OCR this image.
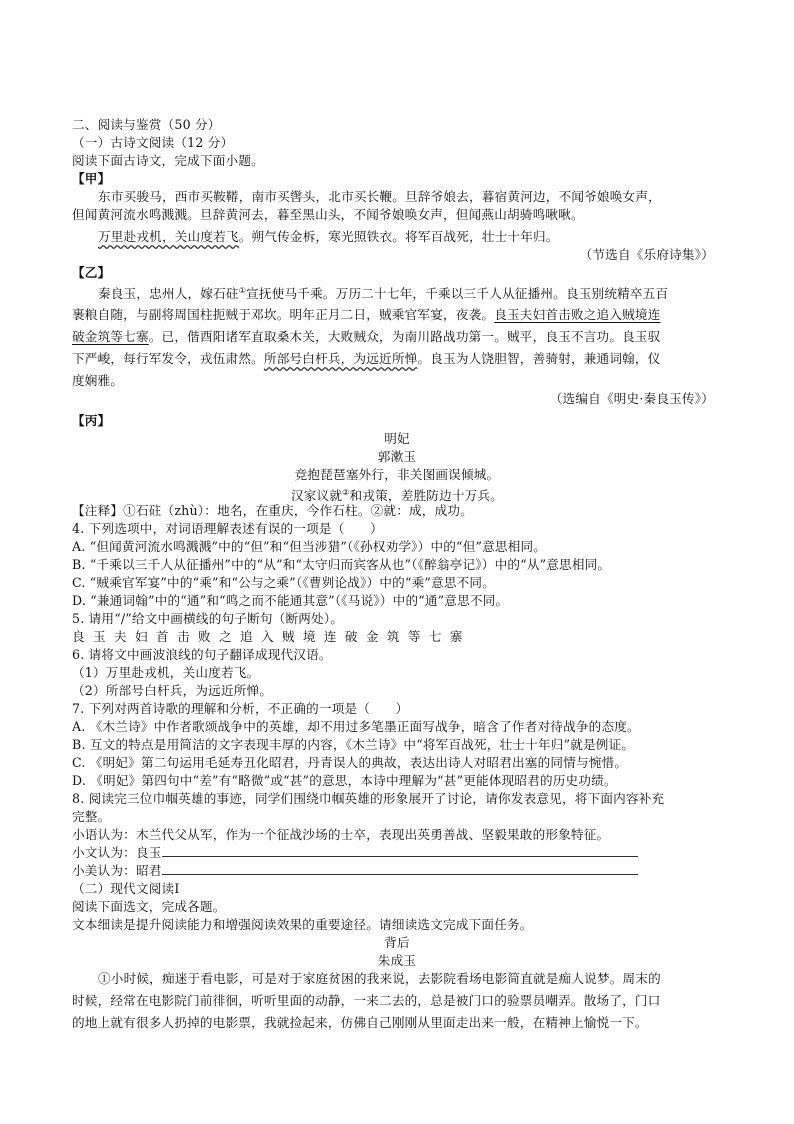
二、阅读与鉴赏（50 分）
（一）古诗文阅读（12 分）
阅读下面古诗文，完成下面小题。
【甲】
东市买骏马，西市买鞍鞯，南市买辔头，北市买长鞭。旦辞爷娘去，暮宿黄河边，不闻爷娘唤女声，
但闻黄河流水鸣溅溅。旦辞黄河去，暮至黑山头，不闻爷娘唤女声，但闻燕山胡骑鸣啾啾。
万里赴戎机，关山度若飞。朔气传金柝，寒光照铁衣。将军百战死，壮士十年归。
（节选自《乐府诗集》）
【乙】
秦良玉，忠州人，嫁石砫①宣抚使马千乘。万历二十七年，千乘以三千人从征播州。良玉别统精卒五百
裹粮自随，与副将周国柱扼贼于邓坎。明年正月二日，贼乘官军宴，夜袭。良玉夫妇首击败之追入贼境连
破金筑等七寨。已，偕酉阳诸军直取桑木关，大败贼众，为南川路战功第一。贼平，良玉不言功。良玉驭
下严峻，每行军发令，戎伍肃然。所部号白杆兵，为远近所惮。良玉为人饶胆智，善骑射，兼通词翰，仪
度娴雅。
（选编自《明史·秦良玉传》）
【丙】
明妃
郭漱玉
竞抱琵琶塞外行，非关图画误倾城。
汉家议就②和戎策，差胜防边十万兵。
【注释】①石砫（zhù）：地名，在重庆，今作石柱。②就：成，成功。
4. 下列选项中，对词语理解表述有误的一项是（　　）
A. “但闻黄河流水鸣溅溅”中的“但”和“但当涉猎”（《孙权劝学》）中的“但”意思相同。
B. “千乘以三千人从征播州”中的“从”和“太守归而宾客从也”（《醉翁亭记》）中的“从”意思相同。
C. “贼乘官军宴”中的“乘”和“公与之乘”（《曹刿论战》）中的“乘”意思不同。
D. “兼通词翰”中的“通”和“鸣之而不能通其意”（《马说》）中的“通”意思不同。
5. 请用“/”给文中画横线的句子断句（断两处）。
良玉夫妇首击败之追入贼境连破金筑等七寨
6. 请将文中画波浪线的句子翻译成现代汉语。
（1）万里赴戎机，关山度若飞。
（2）所部号白杆兵，为远近所惮。
7. 下列对两首诗歌的理解和分析，不正确的一项是（　　）
A. 《木兰诗》中作者歌颂战争中的英雄，却不用过多笔墨正面写战争，暗含了作者对待战争的态度。
B. 互文的特点是用简洁的文字表现丰厚的内容，《木兰诗》中“将军百战死，壮士十年归”就是例证。
C. 《明妃》第二句运用毛延寿丑化昭君，丹青误人的典故，表达出诗人对昭君出塞的同情与惋惜。
D. 《明妃》第四句中“差”有“略微”或“甚”的意思，本诗中理解为“甚”更能体现昭君的历史功绩。
8. 阅读完三位巾帼英雄的事迹，同学们围绕巾帼英雄的形象展开了讨论，请你发表意见，将下面内容补充
完整。
小语认为：木兰代父从军，作为一个征战沙场的士卒，表现出英勇善战、坚毅果敢的形象特征。
小文认为：良玉
小美认为：昭君
（二）现代文阅读Ⅰ
阅读下面选文，完成各题。
文本细读是提升阅读能力和增强阅读效果的重要途径。请细读选文完成下面任务。
背后
朱成玉
①小时候，痴迷于看电影，可是对于家庭贫困的我来说，去影院看场电影简直就是痴人说梦。周末的
时候，经常在电影院门前徘徊，听听里面的动静，一来二去的，总是被门口的验票员嘲弄。散场了，门口
的地上就有很多人扔掉的电影票，我就捡起来，仿佛自己刚刚从里面走出来一般，在精神上愉悦一下。
